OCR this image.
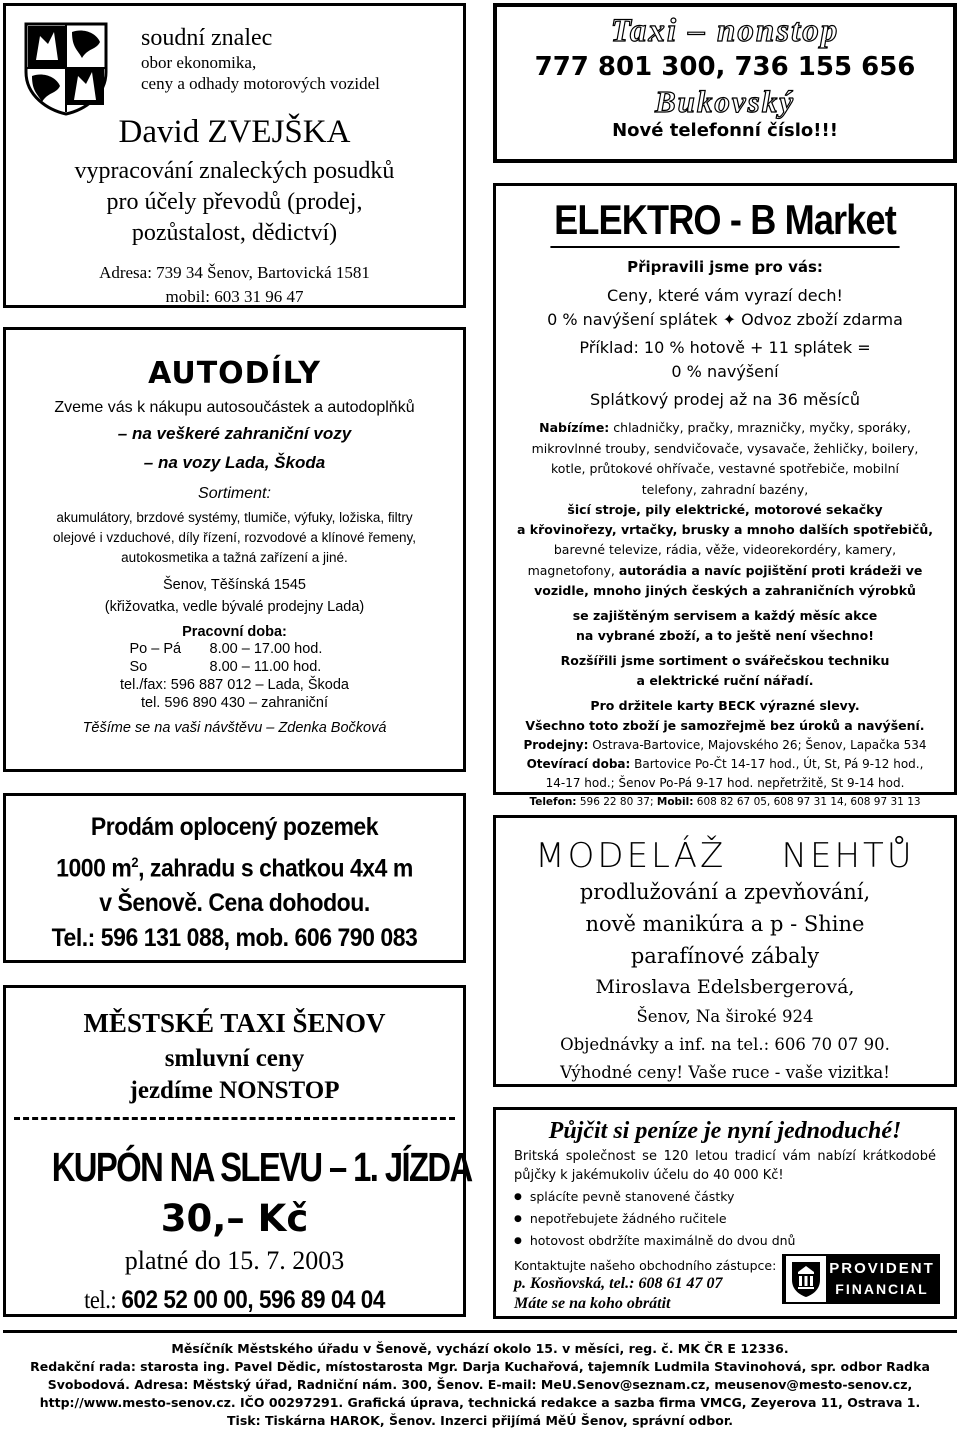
soudní znalec
obor ekonomika,
ceny a odhady motorových vozidel
David ZVEJŠKA
vypracování znaleckých posudků
pro účely převodů (prodej,
pozůstalost, dědictví)
Adresa: 739 34 Šenov, Bartovická 1581
mobil: 603 31 96 47
AUTODÍLY
Zveme vás k nákupu autosoučástek a autodoplňků
– na veškeré zahraniční vozy
– na vozy Lada, Škoda
Sortiment:
akumulátory, brzdové systémy, tlumiče, výfuky, ložiska, filtry
olejové i vzduchové, díly řízení, rozvodové a klínové řemeny,
autokosmetika a tažná zařízení a jiné.
Šenov, Těšínská 1545
(křižovatka, vedle bývalé prodejny Lada)
Pracovní doba:
Po – Pá 8.00 – 17.00 hod.
So	8.00 – 11.00 hod.
tel./fax: 596 887 012 – Lada, Škoda
tel. 596 890 430 – zahraniční
Těšíme se na vaši návštěvu – Zdenka Bočková
Prodám oplocený pozemek
1000 $m^2$, zahradu s chatkou 4x4 m
v Šenově. Cena dohodou.
Tel.: 596 131 088, mob. 606 790 083
MĚSTSKÉ TAXI ŠENOV
smluvní ceny
jezdíme NONSTOP
KUPÓN NA SLEVU – 1. JÍZDA
30,– Kč
platné do 15. 7. 2003
tel.: 602 52 00 00, 596 89 04 04
Taxi – nonstop
777 801 300, 736 155 656
Bukovský
Nové telefonní číslo!!!
ELEKTRO - B Market
Připravili jsme pro vás:
Ceny, které vám vyrazí dech!
0 % navýšení splátek ✦ Odvoz zboží zdarma
Příklad: 10 % hotově + 11 splátek =
0 % navýšení
Splátkový prodej až na 36 měsíců
Nabízíme: chladničky, pračky, mrazničky, myčky, sporáky,
mikrovlnné trouby, sendvičovače, vysavače, žehličky, boilery,
kotle, průtokové ohřívače, vestavné spotřebiče, mobilní
telefony, zahradní bazény,
šicí stroje, pily elektrické, motorové sekačky
a křovinořezy, vrtačky, brusky a mnoho dalších spotřebičů,
barevné televize, rádia, věže, videorekordéry, kamery,
magnetofony, autorádia a navíc pojištění proti krádeži ve
vozidle, mnoho jiných českých a zahraničních výrobků
se zajištěným servisem a každý měsíc akce
na vybrané zboží, a to ještě není všechno!
Rozšířili jsme sortiment o svářečskou techniku
a elektrické ruční nářadí.
Pro držitele karty BECK výrazné slevy.
Všechno toto zboží je samozřejmě bez úroků a navýšení.
Prodejny: Ostrava-Bartovice, Majovského 26; Šenov, Lapačka 534
Otevírací doba: Bartovice Po-Čt 14-17 hod., Út, St, Pá 9-12 hod.,
14-17 hod.; Šenov Po-Pá 9-17 hod. nepřetržitě, St 9-14 hod.
Telefon: 596 22 80 37; Mobil: 608 82 67 05, 608 97 31 14, 608 97 31 13
MODELÁŽ    NEHTŮ
prodlužování a zpevňování,
nově manikúra a p - Shine
parafínové zábaly
Miroslava Edelsbergerová,
Šenov, Na široké 924
Objednávky a inf. na tel.: 606 70 07 90.
Výhodné ceny! Vaše ruce - vaše vizitka!
Půjčit si peníze je nyní jednoduché!
Britská společnost se 120 letou tradicí vám nabízí krátkodobé půjčky k jakémukoliv účelu do 40 000 Kč!
● splácíte pevně stanovené částky
● nepotřebujete žádného ručitele
● hotovost obdržíte maximálně do dvou dnů
Kontaktujte našeho obchodního zástupce:
p. Kosňovská, tel.: 608 61 47 07
Máte se na koho obrátit
PROVIDENT
FINANCIAL
Měsíčník Městského úřadu v Šenově, vychází okolo 15. v měsíci, reg. č. MK ČR E 12336.
Redakční rada: starosta ing. Pavel Dědic, místostarosta Mgr. Darja Kuchařová, tajemník Ludmila Stavinohová, spr. odbor Radka
Svobodová. Adresa: Městský úřad, Radniční nám. 300, Šenov. E-mail: MeU.Senov@seznam.cz, meusenov@mesto-senov.cz,
http://www.mesto-senov.cz. IČO 00297291. Grafická úprava, technická redakce a sazba firma VMCG, Zeyerova 11, Ostrava 1.
Tisk: Tiskárna HAROK, Šenov. Inzerci přijímá MěÚ Šenov, správní odbor.
